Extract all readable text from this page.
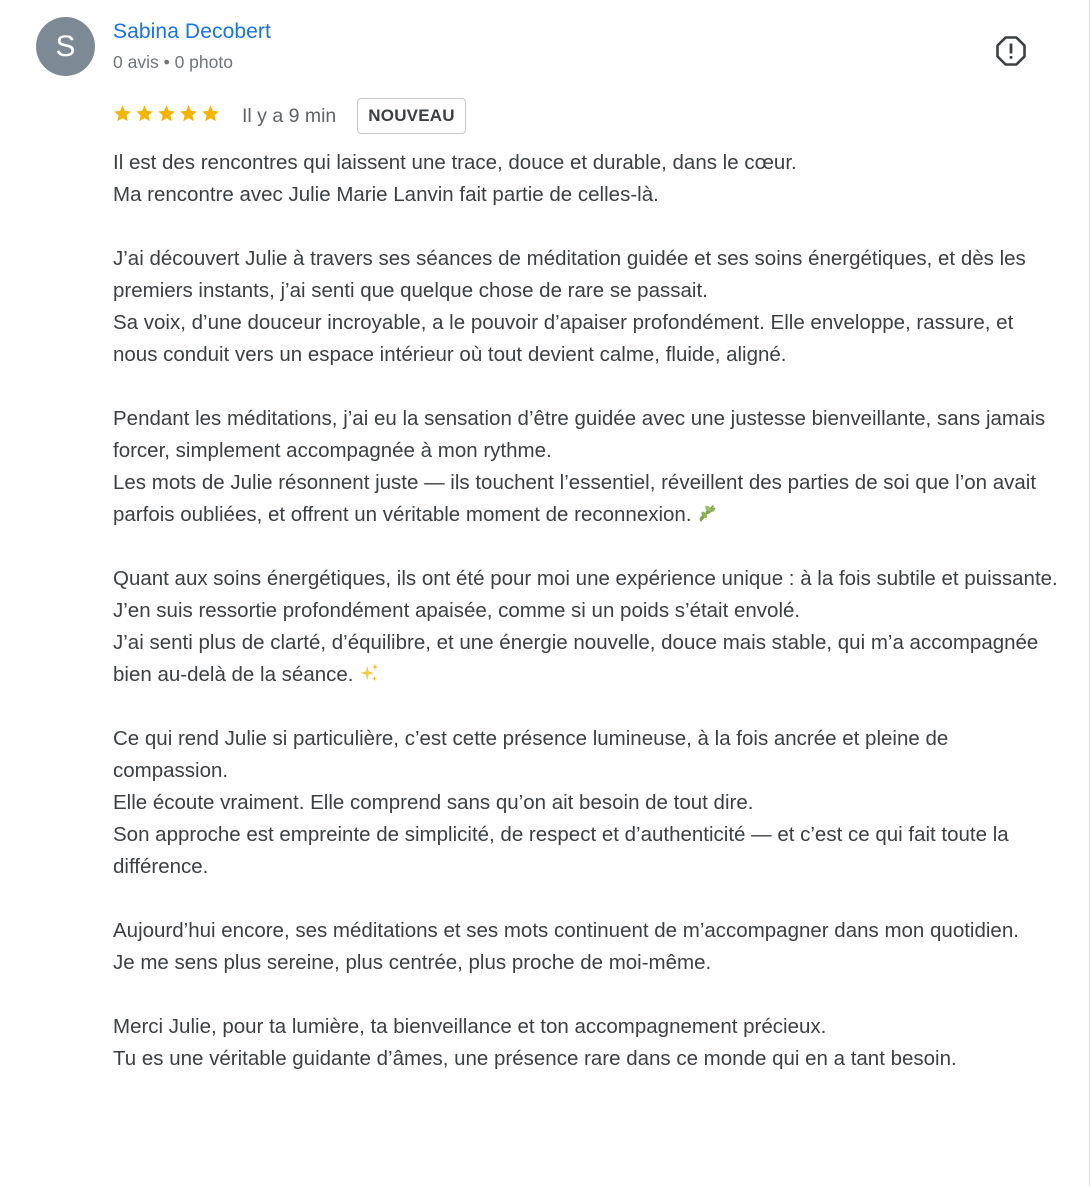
S	Sabina Decobert
0 avis • 0 photo
Il y a 9 min	NOUVEAU

Il est des rencontres qui laissent une trace, douce et durable, dans le cœur.
Ma rencontre avec Julie Marie Lanvin fait partie de celles-là.

J’ai découvert Julie à travers ses séances de méditation guidée et ses soins énergétiques, et dès les premiers instants, j’ai senti que quelque chose de rare se passait.
Sa voix, d’une douceur incroyable, a le pouvoir d’apaiser profondément. Elle enveloppe, rassure, et nous conduit vers un espace intérieur où tout devient calme, fluide, aligné.

Pendant les méditations, j’ai eu la sensation d’être guidée avec une justesse bienveillante, sans jamais forcer, simplement accompagnée à mon rythme.
Les mots de Julie résonnent juste — ils touchent l’essentiel, réveillent des parties de soi que l’on avait parfois oubliées, et offrent un véritable moment de reconnexion.

Quant aux soins énergétiques, ils ont été pour moi une expérience unique : à la fois subtile et puissante.
J’en suis ressortie profondément apaisée, comme si un poids s’était envolé.
J’ai senti plus de clarté, d’équilibre, et une énergie nouvelle, douce mais stable, qui m’a accompagnée bien au-delà de la séance.

Ce qui rend Julie si particulière, c’est cette présence lumineuse, à la fois ancrée et pleine de compassion.
Elle écoute vraiment. Elle comprend sans qu’on ait besoin de tout dire.
Son approche est empreinte de simplicité, de respect et d’authenticité — et c’est ce qui fait toute la différence.

Aujourd’hui encore, ses méditations et ses mots continuent de m’accompagner dans mon quotidien.
Je me sens plus sereine, plus centrée, plus proche de moi-même.

Merci Julie, pour ta lumière, ta bienveillance et ton accompagnement précieux.
Tu es une véritable guidante d’âmes, une présence rare dans ce monde qui en a tant besoin.
